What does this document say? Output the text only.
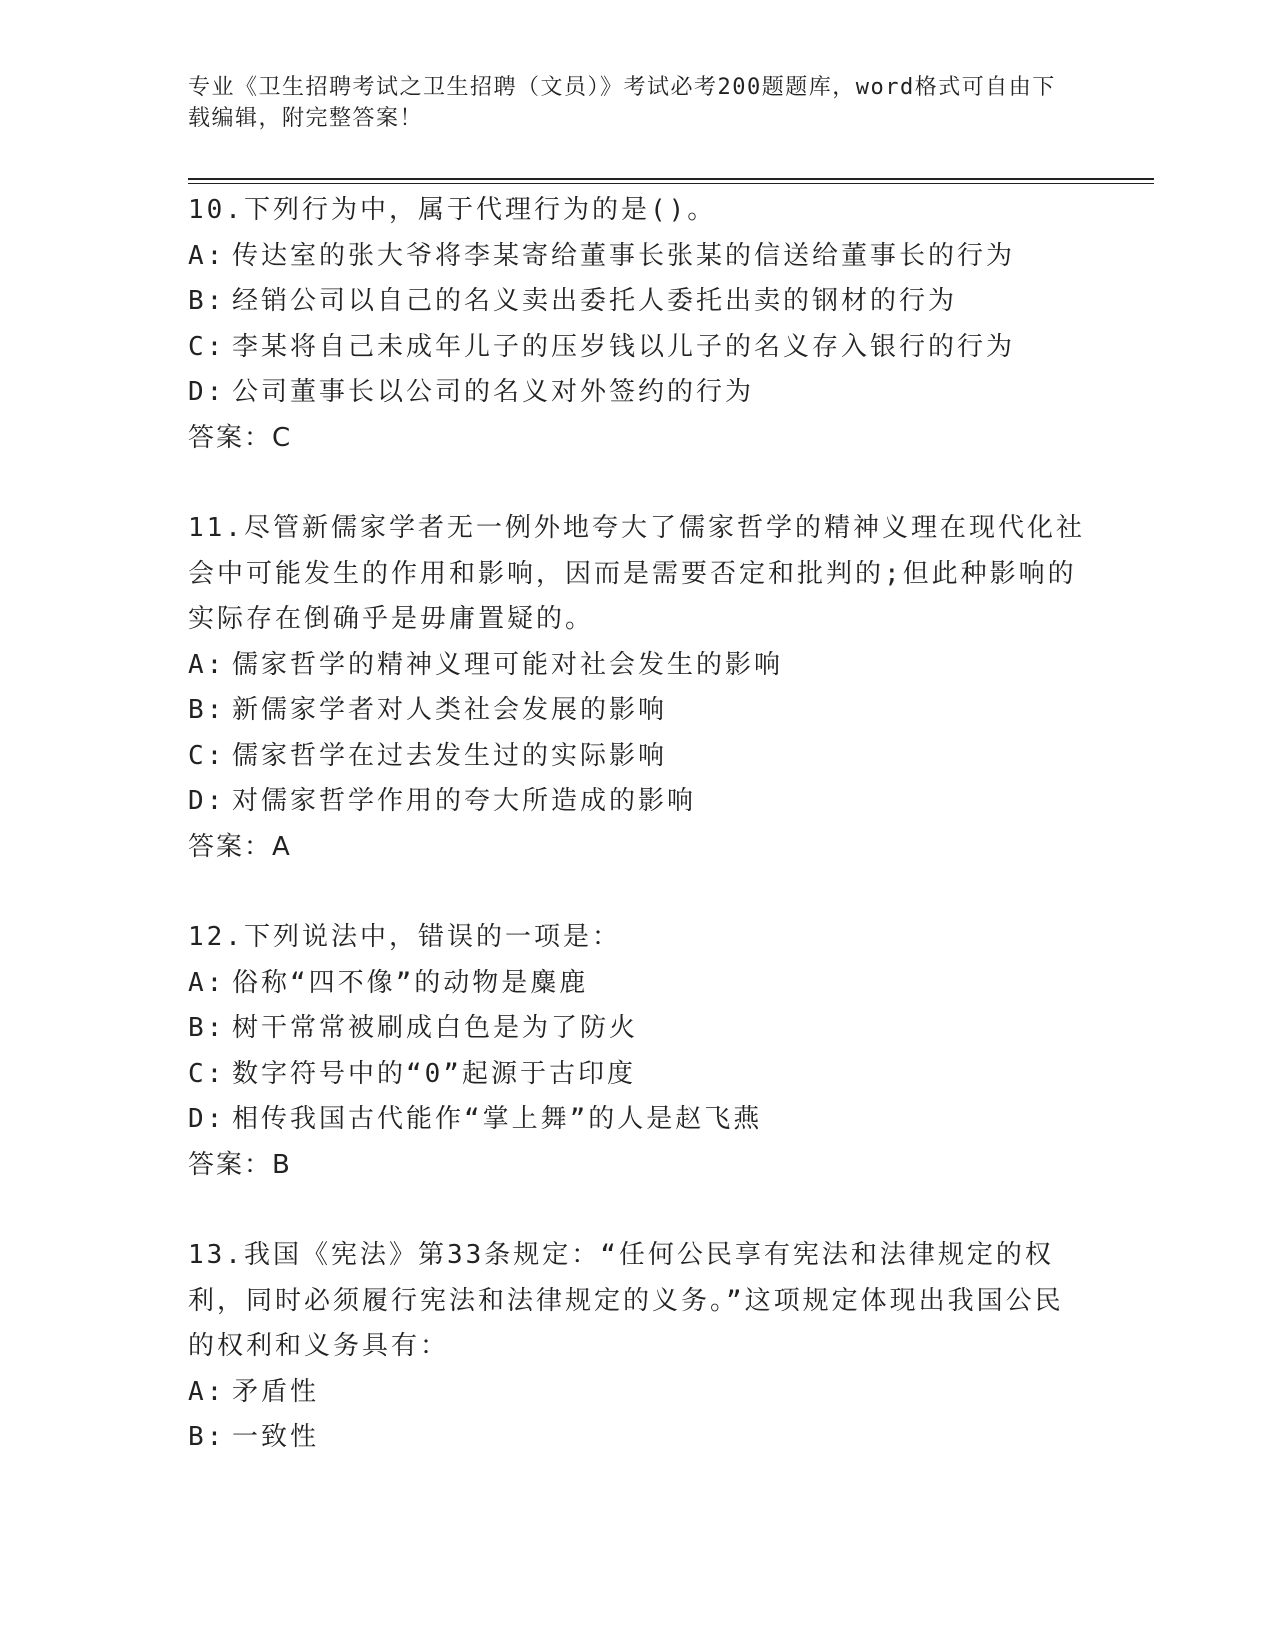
专业《卫生招聘考试之卫生招聘（文员）》考试必考200题题库，word格式可自由下载编辑，附完整答案！

10.下列行为中，属于代理行为的是()。

A: 传达室的张大爷将李某寄给董事长张某的信送给董事长的行为
B: 经销公司以自己的名义卖出委托人委托出卖的钢材的行为
C: 李某将自己未成年儿子的压岁钱以儿子的名义存入银行的行为
D: 公司董事长以公司的名义对外签约的行为
答案：C

11.尽管新儒家学者无一例外地夸大了儒家哲学的精神义理在现代化社会中可能发生的作用和影响，因而是需要否定和批判的;但此种影响的实际存在倒确乎是毋庸置疑的。

A: 儒家哲学的精神义理可能对社会发生的影响
B: 新儒家学者对人类社会发展的影响
C: 儒家哲学在过去发生过的实际影响
D: 对儒家哲学作用的夸大所造成的影响
答案：A

12.下列说法中，错误的一项是：

A: 俗称“四不像”的动物是麋鹿
B: 树干常常被刷成白色是为了防火
C: 数字符号中的“0”起源于古印度
D: 相传我国古代能作“掌上舞”的人是赵飞燕
答案：B

13.我国《宪法》第33条规定：“任何公民享有宪法和法律规定的权利，同时必须履行宪法和法律规定的义务。”这项规定体现出我国公民的权利和义务具有：

A: 矛盾性
B: 一致性
